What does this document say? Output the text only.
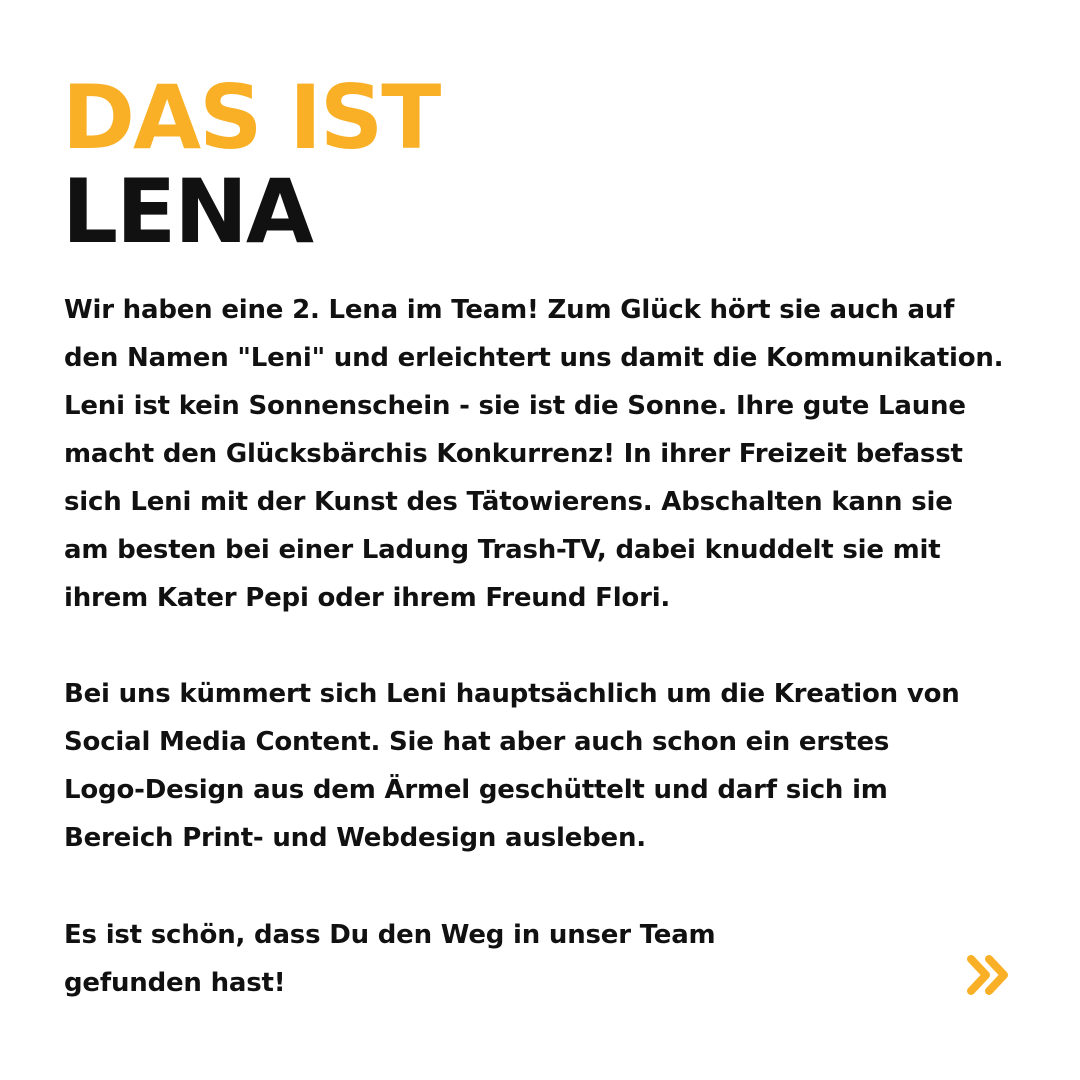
DAS IST
LENA

Wir haben eine 2. Lena im Team! Zum Glück hört sie auch auf
den Namen "Leni" und erleichtert uns damit die Kommunikation.
Leni ist kein Sonnenschein - sie ist die Sonne. Ihre gute Laune
macht den Glücksbärchis Konkurrenz! In ihrer Freizeit befasst
sich Leni mit der Kunst des Tätowierens. Abschalten kann sie
am besten bei einer Ladung Trash-TV, dabei knuddelt sie mit
ihrem Kater Pepi oder ihrem Freund Flori.

Bei uns kümmert sich Leni hauptsächlich um die Kreation von
Social Media Content. Sie hat aber auch schon ein erstes
Logo-Design aus dem Ärmel geschüttelt und darf sich im
Bereich Print- und Webdesign ausleben.

Es ist schön, dass Du den Weg in unser Team
gefunden hast!
